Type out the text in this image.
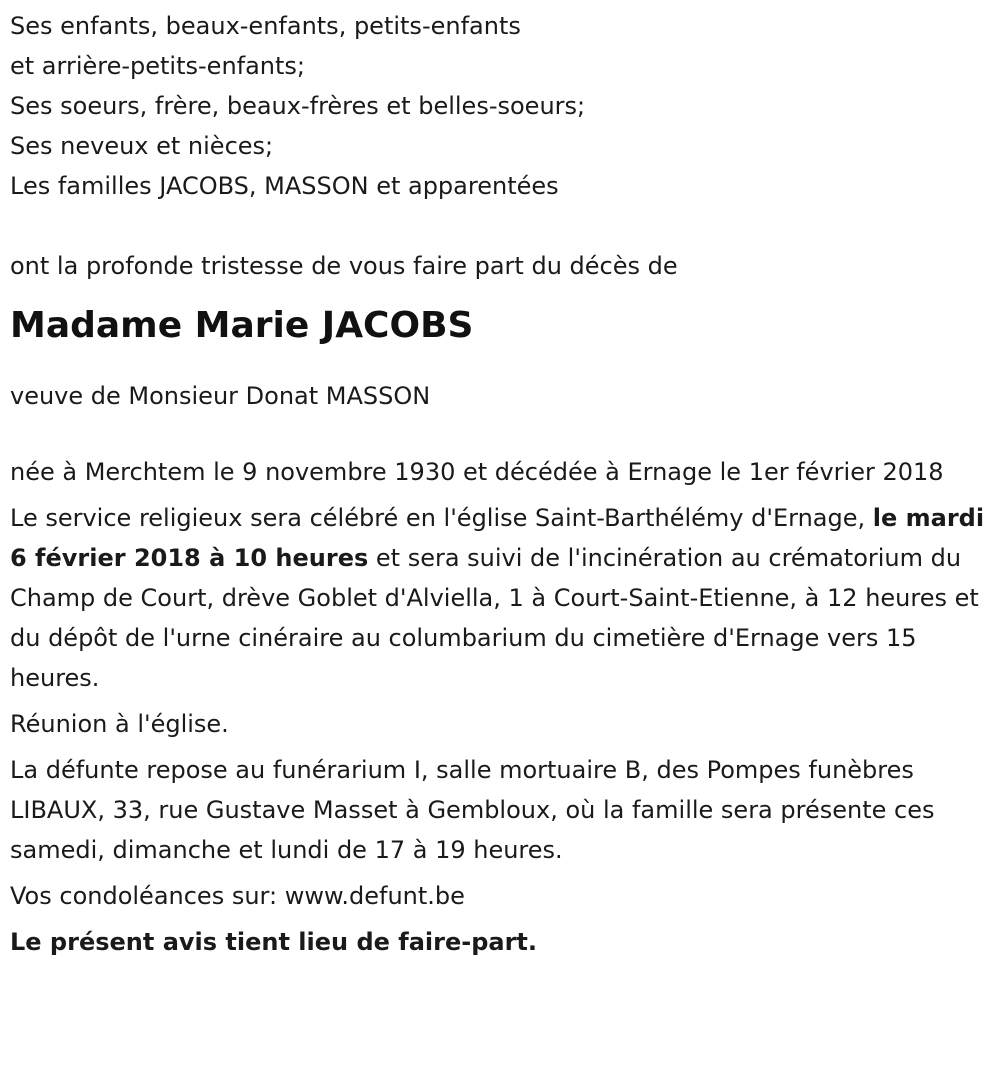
Ses enfants, beaux-enfants, petits-enfants

et arrière-petits-enfants;

Ses soeurs, frère, beaux-frères et belles-soeurs;

Ses neveux et nièces;

Les familles JACOBS, MASSON et apparentées

ont la profonde tristesse de vous faire part du décès de

Madame Marie JACOBS

veuve de Monsieur Donat MASSON

née à Merchtem le 9 novembre 1930 et décédée à Ernage le 1er février 2018

Le service religieux sera célébré en l'église Saint-Barthélémy d'Ernage, le mardi 6 février 2018 à 10 heures et sera suivi de l'incinération au crématorium du Champ de Court, drève Goblet d'Alviella, 1 à Court-Saint-Etienne, à 12 heures et du dépôt de l'urne cinéraire au columbarium du cimetière d'Ernage vers 15 heures.

Réunion à l'église.

La défunte repose au funérarium I, salle mortuaire B, des Pompes funèbres LIBAUX, 33, rue Gustave Masset à Gembloux, où la famille sera présente ces samedi, dimanche et lundi de 17 à 19 heures.

Vos condoléances sur: www.defunt.be

Le présent avis tient lieu de faire-part.
